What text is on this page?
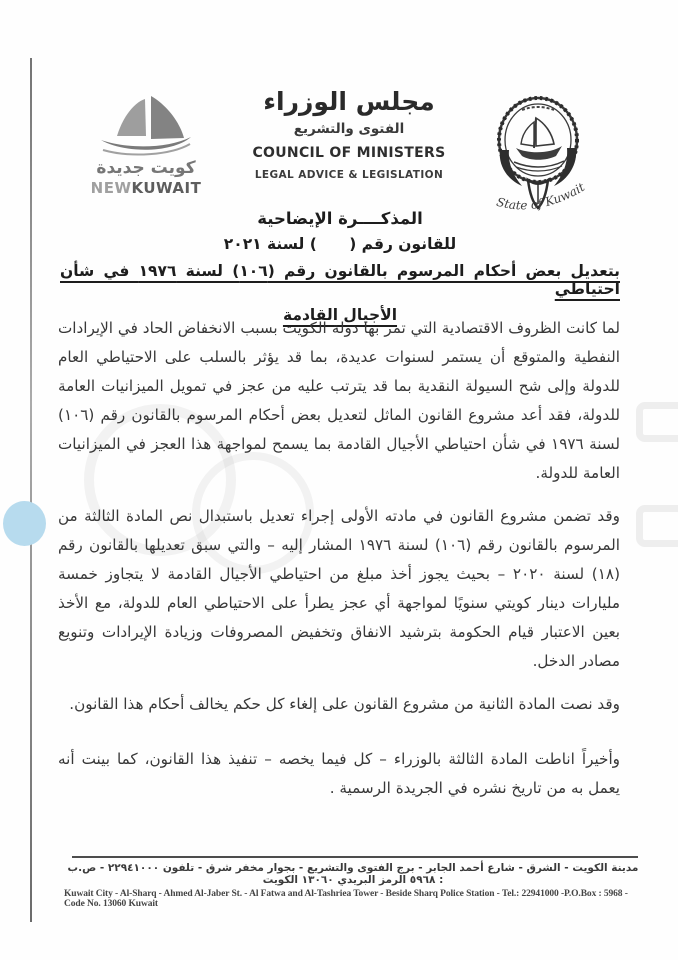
كويت جديدة
NEWKUWAIT
مجلس الوزراء
الفتوى والتشريع
COUNCIL OF MINISTERS
LEGAL ADVICE & LEGISLATION
State of Kuwait
المذكــــرة الإيضاحية
للقانون رقم (      ) لسنة ٢٠٢١
بتعديل بعض أحكام المرسوم بالقانون رقم (١٠٦) لسنة ١٩٧٦ في شأن احتياطي
الأجيال القادمة

لما كانت الظروف الاقتصادية التي تمر بها دولة الكويت بسبب الانخفاض الحاد في الإيرادات النفطية والمتوقع أن يستمر لسنوات عديدة، بما قد يؤثر بالسلب على الاحتياطي العام للدولة وإلى شح السيولة النقدية بما قد يترتب عليه من عجز في تمويل الميزانيات العامة للدولة، فقد أعد مشروع القانون الماثل لتعديل بعض أحكام المرسوم بالقانون رقم (١٠٦) لسنة ١٩٧٦ في شأن احتياطي الأجيال القادمة بما يسمح لمواجهة هذا العجز في الميزانيات العامة للدولة.

وقد تضمن مشروع القانون في مادته الأولى إجراء تعديل باستبدال نص المادة الثالثة من المرسوم بالقانون رقم (١٠٦) لسنة ١٩٧٦ المشار إليه – والتي سبق تعديلها بالقانون رقم (١٨) لسنة ٢٠٢٠ – بحيث يجوز أخذ مبلغ من احتياطي الأجيال القادمة لا يتجاوز خمسة مليارات دينار كويتي سنويًا لمواجهة أي عجز يطرأ على الاحتياطي العام للدولة، مع الأخذ بعين الاعتبار قيام الحكومة بترشيد الانفاق وتخفيض المصروفات وزيادة الإيرادات وتنويع مصادر الدخل.

وقد نصت المادة الثانية من مشروع القانون على إلغاء كل حكم يخالف أحكام هذا القانون.

وأخيراً اناطت المادة الثالثة بالوزراء – كل فيما يخصه – تنفيذ هذا القانون، كما بينت أنه يعمل به من تاريخ نشره في الجريدة الرسمية .

مدينة الكويت - الشرق - شارع أحمد الجابر - برج الفتوى والتشريع - بجوار مخفر شرق - تلفون ٢٢٩٤١٠٠٠ - ص.ب : ٥٩٦٨ الرمز البريدي ١٣٠٦٠ الكويت
Kuwait City - Al-Sharq - Ahmed Al-Jaber St. - Al Fatwa and Al-Tashriea Tower - Beside Sharq Police Station - Tel.: 22941000 -P.O.Box : 5968 - Code No. 13060 Kuwait
